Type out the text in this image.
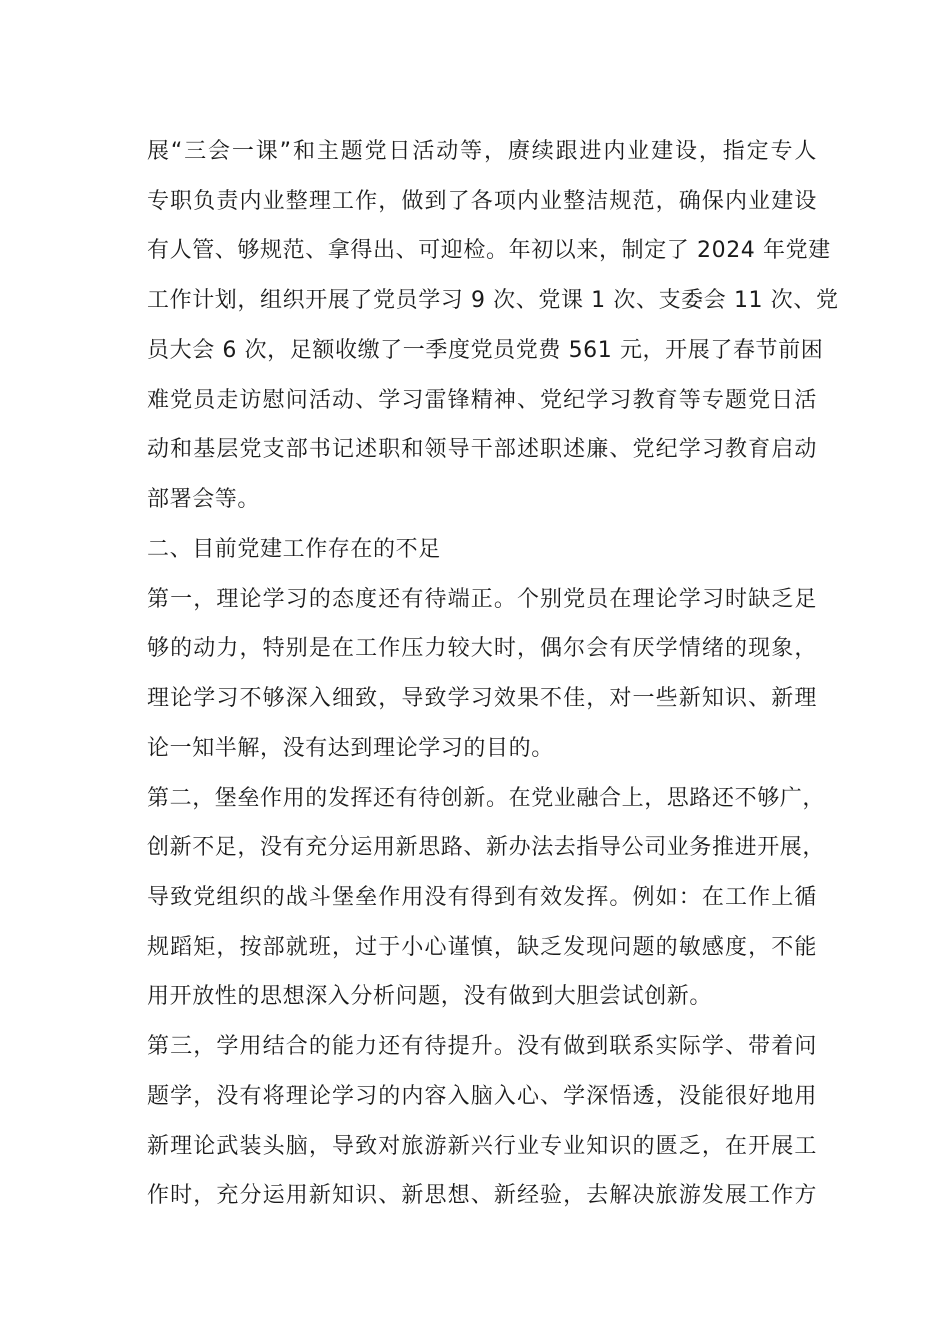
展“三会一课”和主题党日活动等，赓续跟进内业建设，指定专人
专职负责内业整理工作，做到了各项内业整洁规范，确保内业建设
有人管、够规范、拿得出、可迎检。年初以来，制定了 2024 年党建
工作计划，组织开展了党员学习 9 次、党课 1 次、支委会 11 次、党
员大会 6 次，足额收缴了一季度党员党费 561 元，开展了春节前困
难党员走访慰问活动、学习雷锋精神、党纪学习教育等专题党日活
动和基层党支部书记述职和领导干部述职述廉、党纪学习教育启动
部署会等。
二、目前党建工作存在的不足
第一，理论学习的态度还有待端正。个别党员在理论学习时缺乏足
够的动力，特别是在工作压力较大时，偶尔会有厌学情绪的现象，
理论学习不够深入细致，导致学习效果不佳，对一些新知识、新理
论一知半解，没有达到理论学习的目的。
第二，堡垒作用的发挥还有待创新。在党业融合上，思路还不够广，
创新不足，没有充分运用新思路、新办法去指导公司业务推进开展，
导致党组织的战斗堡垒作用没有得到有效发挥。例如：在工作上循
规蹈矩，按部就班，过于小心谨慎，缺乏发现问题的敏感度，不能
用开放性的思想深入分析问题，没有做到大胆尝试创新。
第三，学用结合的能力还有待提升。没有做到联系实际学、带着问
题学，没有将理论学习的内容入脑入心、学深悟透，没能很好地用
新理论武装头脑，导致对旅游新兴行业专业知识的匮乏，在开展工
作时，充分运用新知识、新思想、新经验，去解决旅游发展工作方
